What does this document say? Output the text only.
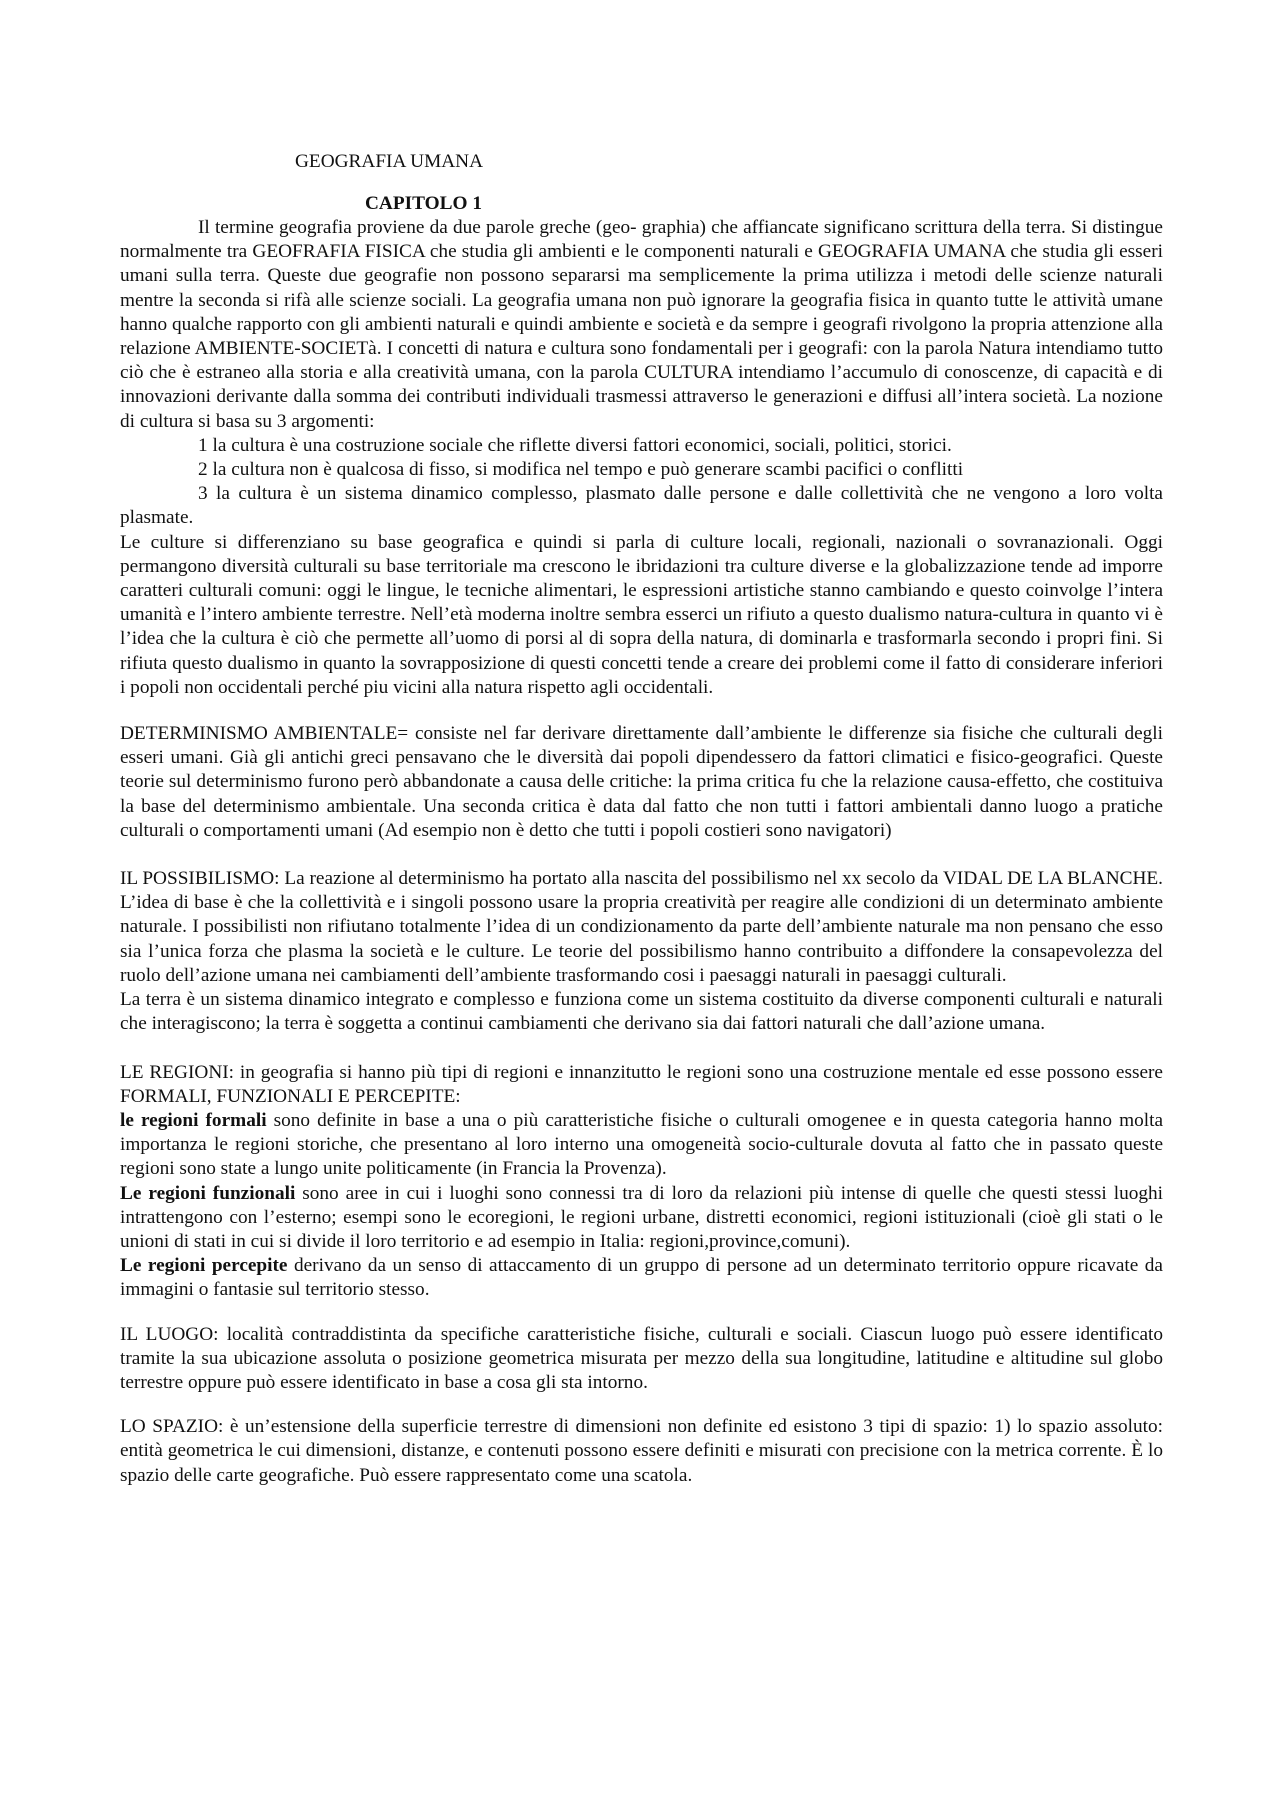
GEOGRAFIA UMANA
CAPITOLO 1

Il termine geografia proviene da due parole greche (geo- graphia) che affiancate significano scrittura della terra. Si distingue normalmente tra GEOFRAFIA FISICA che studia gli ambienti e le componenti naturali e GEOGRAFIA UMANA che studia gli esseri umani sulla terra. Queste due geografie non possono separarsi ma semplicemente la prima utilizza i metodi delle scienze naturali mentre la seconda si rifà alle scienze sociali. La geografia umana non può ignorare la geografia fisica in quanto tutte le attività umane hanno qualche rapporto con gli ambienti naturali e quindi ambiente e società e da sempre i geografi rivolgono la propria attenzione alla relazione AMBIENTE-SOCIETà. I concetti di natura e cultura sono fondamentali per i geografi: con la parola Natura intendiamo tutto ciò che è estraneo alla storia e alla creatività umana, con la parola CULTURA intendiamo l’accumulo di conoscenze, di capacità e di innovazioni derivante dalla somma dei contributi individuali trasmessi attraverso le generazioni e diffusi all’intera società. La nozione di cultura si basa su 3 argomenti:

1 la cultura è una costruzione sociale che riflette diversi fattori economici, sociali, politici, storici.

2 la cultura non è qualcosa di fisso, si modifica nel tempo e può generare scambi pacifici o conflitti

3 la cultura è un sistema dinamico complesso, plasmato dalle persone e dalle collettività che ne vengono a loro volta plasmate.

Le culture si differenziano su base geografica e quindi si parla di culture locali, regionali, nazionali o sovranazionali. Oggi permangono diversità culturali su base territoriale ma crescono le ibridazioni tra culture diverse e la globalizzazione tende ad imporre caratteri culturali comuni: oggi le lingue, le tecniche alimentari, le espressioni artistiche stanno cambiando e questo coinvolge l’intera umanità e l’intero ambiente terrestre. Nell’età moderna inoltre sembra esserci un rifiuto a questo dualismo natura-cultura in quanto vi è l’idea che la cultura è ciò che permette all’uomo di porsi al di sopra della natura, di dominarla e trasformarla secondo i propri fini. Si rifiuta questo dualismo in quanto la sovrapposizione di questi concetti tende a creare dei problemi come il fatto di considerare inferiori i popoli non occidentali perché piu vicini alla natura rispetto agli occidentali.

DETERMINISMO AMBIENTALE= consiste nel far derivare direttamente dall’ambiente le differenze sia fisiche che culturali degli esseri umani. Già gli antichi greci pensavano che le diversità dai popoli dipendessero da fattori climatici e fisico-geografici. Queste teorie sul determinismo furono però abbandonate a causa delle critiche: la prima critica fu che la relazione causa-effetto, che costituiva la base del determinismo ambientale. Una seconda critica è data dal fatto che non tutti i fattori ambientali danno luogo a pratiche culturali o comportamenti umani (Ad esempio non è detto che tutti i popoli costieri sono navigatori)

IL POSSIBILISMO: La reazione al determinismo ha portato alla nascita del possibilismo nel xx secolo da VIDAL DE LA BLANCHE. L’idea di base è che la collettività e i singoli possono usare la propria creatività per reagire alle condizioni di un determinato ambiente naturale. I possibilisti non rifiutano totalmente l’idea di un condizionamento da parte dell’ambiente naturale ma non pensano che esso sia l’unica forza che plasma la società e le culture. Le teorie del possibilismo hanno contribuito a diffondere la consapevolezza del ruolo dell’azione umana nei cambiamenti dell’ambiente trasformando cosi i paesaggi naturali in paesaggi culturali.

La terra è un sistema dinamico integrato e complesso e funziona come un sistema costituito da diverse componenti culturali e naturali che interagiscono; la terra è soggetta a continui cambiamenti che derivano sia dai fattori naturali che dall’azione umana.

LE REGIONI: in geografia si hanno più tipi di regioni e innanzitutto le regioni sono una costruzione mentale ed esse possono essere FORMALI, FUNZIONALI E PERCEPITE:

le regioni formali sono definite in base a una o più caratteristiche fisiche o culturali omogenee e in questa categoria hanno molta importanza le regioni storiche, che presentano al loro interno una omogeneità socio-culturale dovuta al fatto che in passato queste regioni sono state a lungo unite politicamente (in Francia la Provenza).

Le regioni funzionali sono aree in cui i luoghi sono connessi tra di loro da relazioni più intense di quelle che questi stessi luoghi intrattengono con l’esterno; esempi sono le ecoregioni, le regioni urbane, distretti economici, regioni istituzionali (cioè gli stati o le unioni di stati in cui si divide il loro territorio e ad esempio in Italia: regioni,province,comuni).

Le regioni percepite derivano da un senso di attaccamento di un gruppo di persone ad un determinato territorio oppure ricavate da immagini o fantasie sul territorio stesso.

IL LUOGO: località contraddistinta da specifiche caratteristiche fisiche, culturali e sociali. Ciascun luogo può essere identificato tramite la sua ubicazione assoluta o posizione geometrica misurata per mezzo della sua longitudine, latitudine e altitudine sul globo terrestre oppure può essere identificato in base a cosa gli sta intorno.

LO SPAZIO: è un’estensione della superficie terrestre di dimensioni non definite ed esistono 3 tipi di spazio: 1) lo spazio assoluto: entità geometrica le cui dimensioni, distanze, e contenuti possono essere definiti e misurati con precisione con la metrica corrente. È lo spazio delle carte geografiche. Può essere rappresentato come una scatola.
